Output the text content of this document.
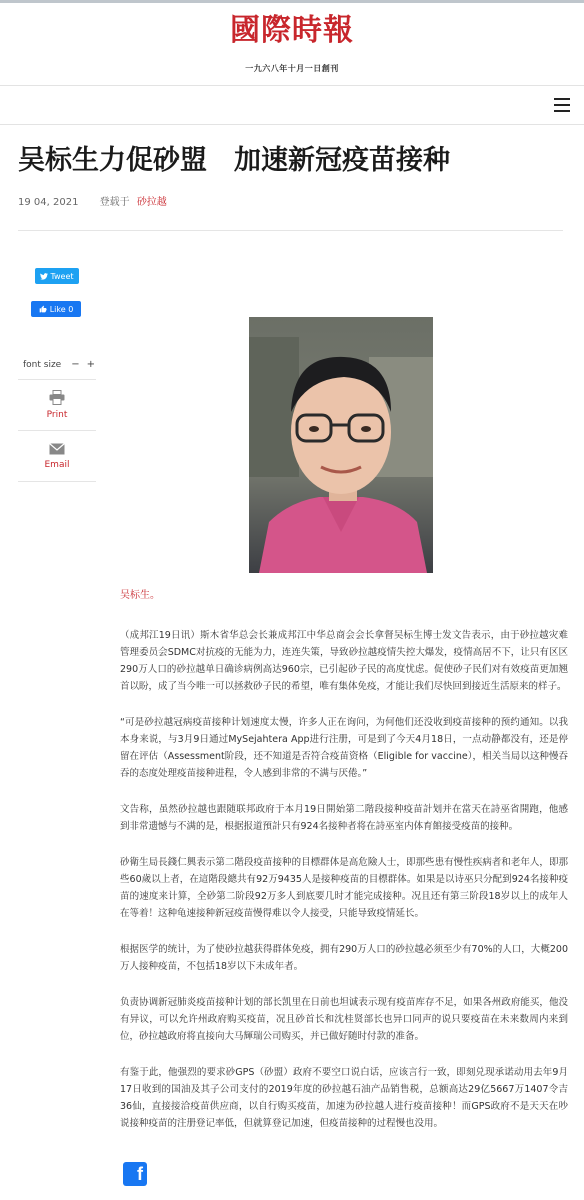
國際時報
一九六八年十月一日創刊
吴标生力促砂盟　加速新冠疫苗接种
19 04, 2021 登载于 砂拉越
Tweet
Like 0
font size − +
Print
Email
吴标生。

（成邦江19日讯）斯木省华总会长兼成邦江中华总商会会长拿督吴标生博士发文告表示，由于砂拉越灾难管理委员会SDMC对抗疫的无能为力，连连失策，导致砂拉越疫情失控大爆发，疫情高居不下，让只有区区290万人口的砂拉越单日确诊病例高达960宗，已引起砂子民的高度忧虑。促使砂子民们对有效疫苗更加翘首以盼，成了当今唯一可以拯救砂子民的希望，唯有集体免疫，才能让我们尽快回到接近生活原来的样子。

“可是砂拉越冠病疫苗接种计划速度太慢，许多人正在询问，为何他们还没收到疫苗接种的预约通知。以我本身来说，与3月9日通过MySejahtera App进行注册，可是到了今天4月18日，一点动静都没有，还是停留在评估（Assessment阶段，还不知道是否符合疫苗资格（Eligible for vaccine），相关当局以这种慢吞吞的态度处理疫苗接种进程，令人感到非常的不满与厌倦。”

文告称，虽然砂拉越也跟随联邦政府于本月19日開始第二階段接种疫苗計划并在當天在詩巫省開跑，他感到非常遗憾与不满的是，根据报道預計只有924名接种者将在詩巫室内体育館接受疫苗的接种。

砂衛生局長錢仁興表示第二階段疫苗接种的目標群体是高危險人士，即那些患有慢性疾病者和老年人，即那些60歲以上者，在這階段總共有92万9435人是接种疫苗的目標群体。如果是以诗巫只分配到924名接种疫苗的速度来计算，全砂第二阶段92万多人到底要几时才能完成接种。况且还有第三阶段18岁以上的成年人在等着！这种龟速接种新冠疫苗慢得难以令人接受，只能导致疫情延长。

根据医学的统计，为了使砂拉越获得群体免疫，拥有290万人口的砂拉越必须至少有70%的人口，大概200万人接种疫苗，不包括18岁以下未成年者。

负责协调新冠肺炎疫苗接种计划的部长凯里在日前也坦诚表示现有疫苗库存不足，如果各州政府能买，他没有异议，可以允许州政府购买疫苗，况且砂首长和沈桂贤部长也异口同声的说只要疫苗在未来数周内来到位，砂拉越政府将直接向大马輝瑞公司购买，并已做好随时付款的准备。

有鉴于此，他强烈的要求砂GPS（砂盟）政府不要空口说白话，应该言行一致，即刻兑现承诺动用去年9月17日收到的国油及其子公司支付的2019年度的砂拉越石油产品销售税，总额高达29亿5667万1407令吉36仙，直接接洽疫苗供应商，以自行购买疫苗，加速为砂拉越人进行疫苗接种！而GPS政府不是天天在吵说接种疫苗的注册登记率低，但就算登记加速，但疫苗接种的过程慢也没用。

f
